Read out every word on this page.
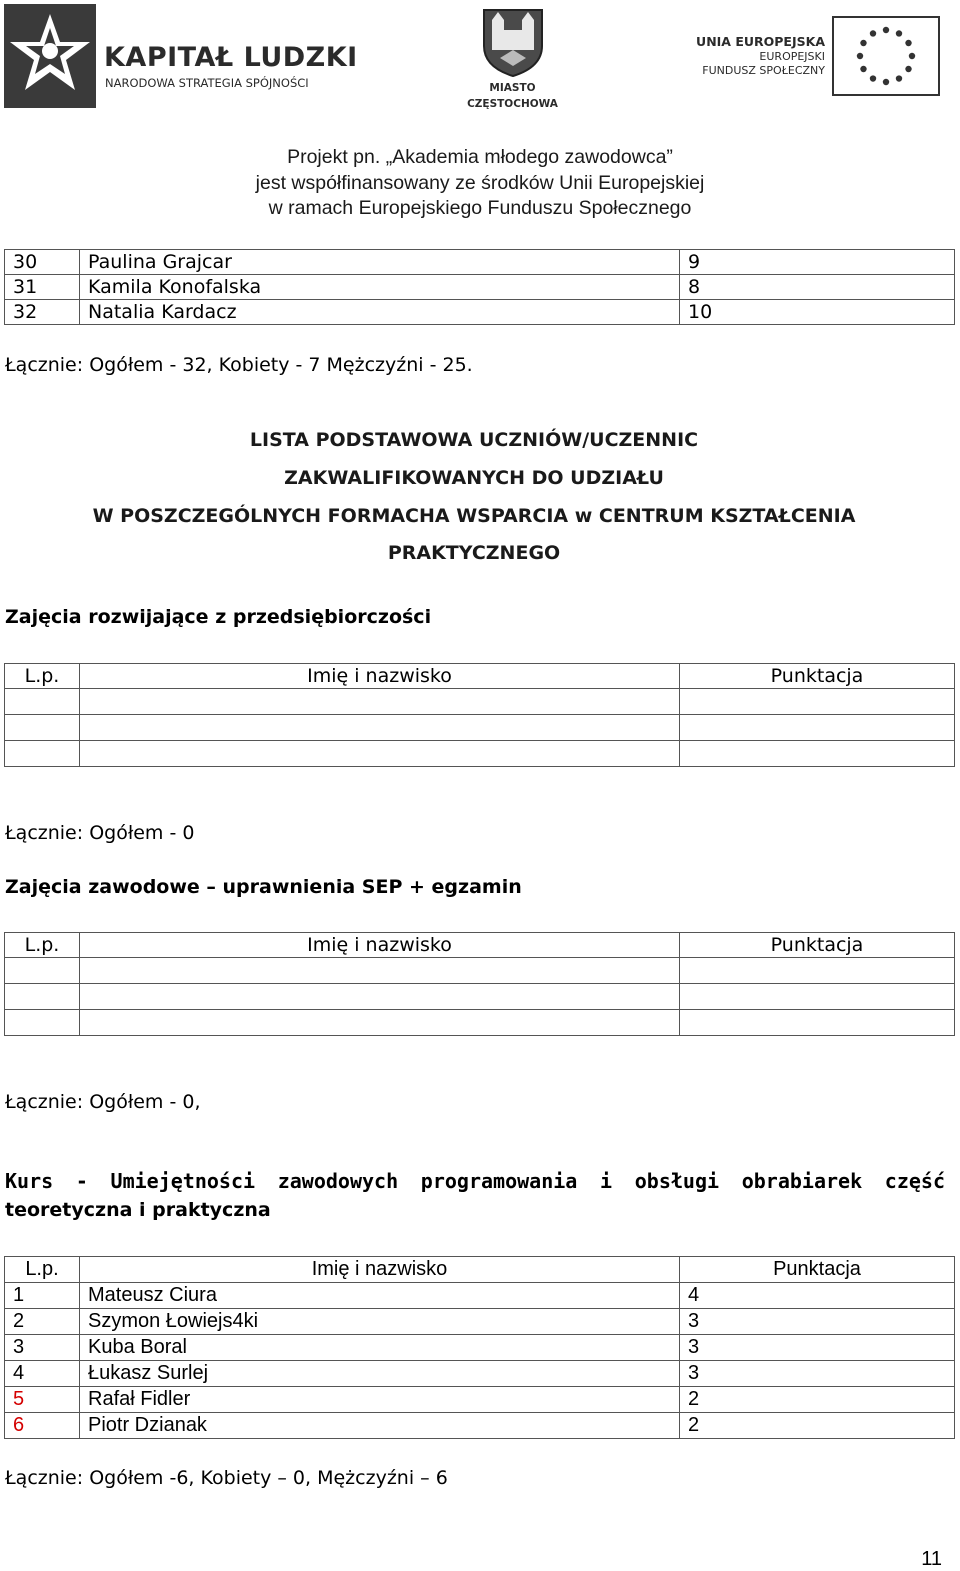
KAPITAŁ LUDZKI
NARODOWA STRATEGIA SPÓJNOŚCI	MIASTO
CZĘSTOCHOWA
UNIA EUROPEJSKA
EUROPEJSKI
FUNDUSZ SPOŁECZNY
Projekt pn. „Akademia młodego zawodowca”
jest współfinansowany ze środków Unii Europejskiej
w ramach Europejskiego Funduszu Społecznego
30	Paulina Grajcar	9
31	Kamila Konofalska	8
32	Natalia Kardacz	10
Łącznie: Ogółem - 32, Kobiety - 7 Mężczyźni - 25.
LISTA PODSTAWOWA UCZNIÓW/UCZENNIC
ZAKWALIFIKOWANYCH DO UDZIAŁU
W POSZCZEGÓLNYCH FORMACHA WSPARCIA w CENTRUM KSZTAŁCENIA
PRAKTYCZNEGO
Zajęcia rozwijające z przedsiębiorczości
L.p.	Imię i nazwisko	Punktacja

Łącznie: Ogółem - 0
Zajęcia zawodowe – uprawnienia SEP + egzamin
L.p.	Imię i nazwisko	Punktacja

Łącznie: Ogółem - 0,
Kurs - Umiejętności zawodowych programowania i obsługi obrabiarek część
teoretyczna i praktyczna
L.p.	Imię i nazwisko	Punktacja
1	Mateusz Ciura	4
2	Szymon Łowiejs4ki	3
3	Kuba Boral	3
4	Łukasz Surlej	3
5	Rafał Fidler	2
6	Piotr Dzianak	2
Łącznie: Ogółem -6, Kobiety – 0, Mężczyźni – 6
11
